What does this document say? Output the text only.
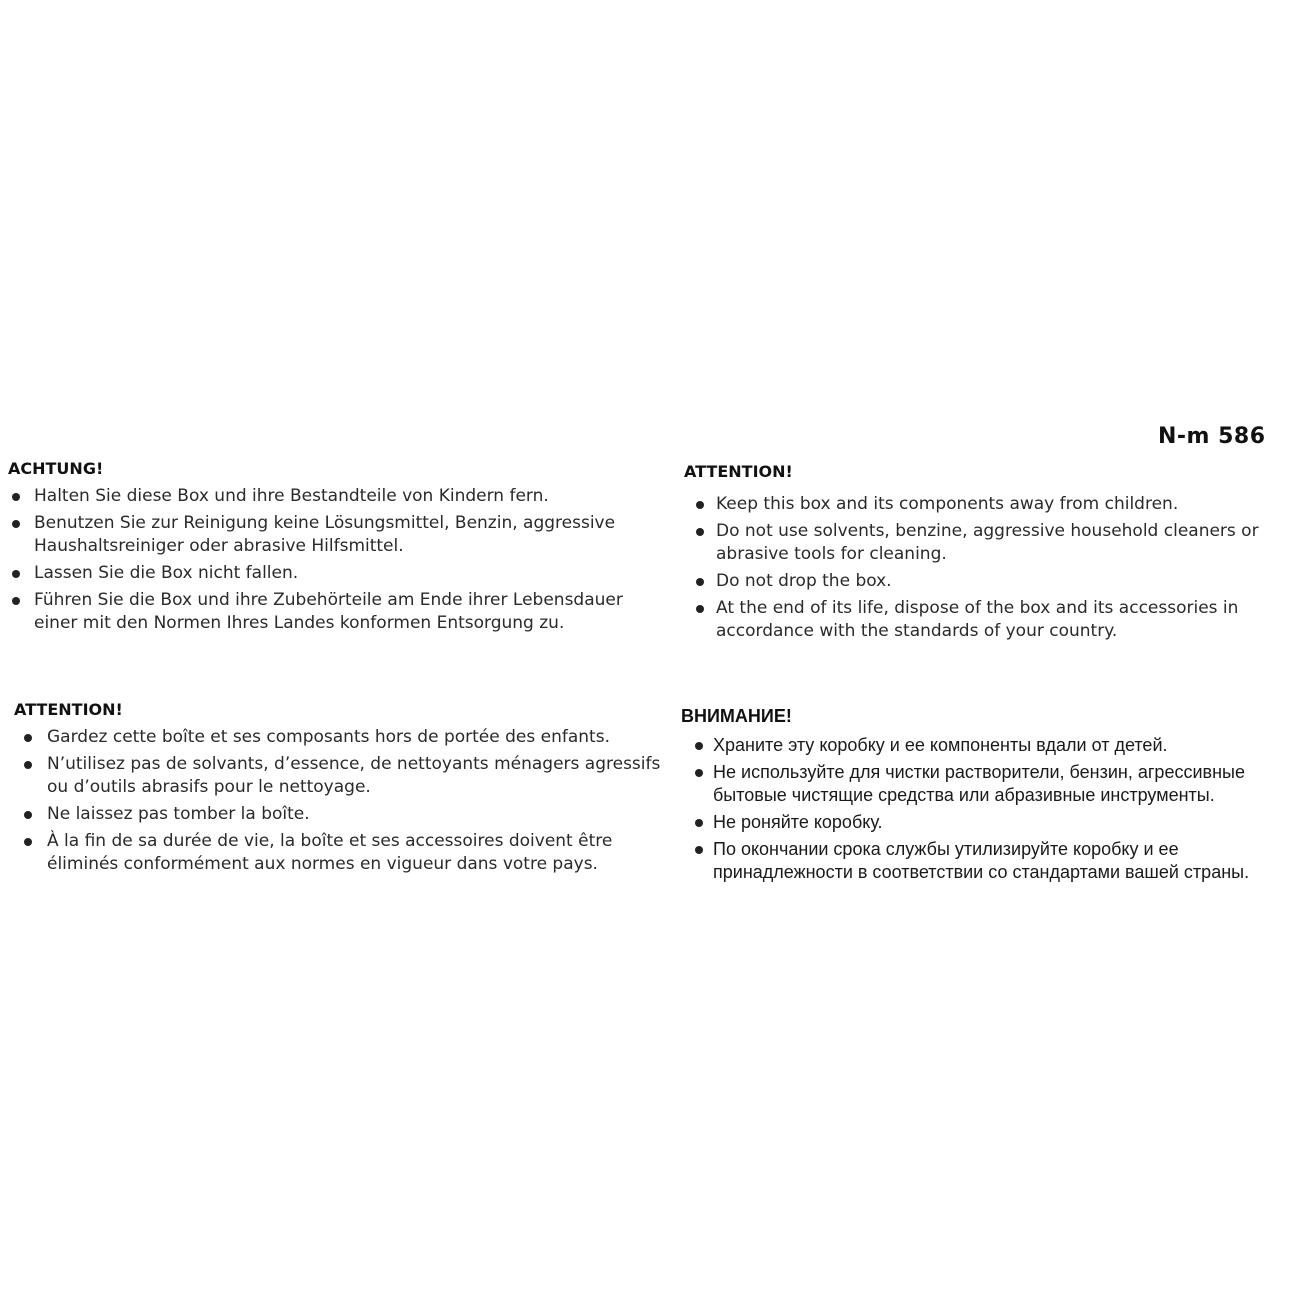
N-m 586
ACHTUNG!
Halten Sie diese Box und ihre Bestandteile von Kindern fern.
Benutzen Sie zur Reinigung keine Lösungsmittel, Benzin, aggressive Haushaltsreiniger oder abrasive Hilfsmittel.
Lassen Sie die Box nicht fallen.
Führen Sie die Box und ihre Zubehörteile am Ende ihrer Lebensdauer einer mit den Normen Ihres Landes konformen Entsorgung zu.
ATTENTION!
Keep this box and its components away from children.
Do not use solvents, benzine, aggressive household cleaners or abrasive tools for cleaning.
Do not drop the box.
At the end of its life, dispose of the box and its accessories in accordance with the standards of your country.
ATTENTION!
Gardez cette boîte et ses composants hors de portée des enfants.
N’utilisez pas de solvants, d’essence, de nettoyants ménagers agressifs ou d’outils abrasifs pour le nettoyage.
Ne laissez pas tomber la boîte.
À la fin de sa durée de vie, la boîte et ses accessoires doivent être éliminés conformément aux normes en vigueur dans votre pays.
ВНИМАНИЕ!
Храните эту коробку и ее компоненты вдали от детей.
Не используйте для чистки растворители, бензин, агрессивные бытовые чистящие средства или абразивные инструменты.
Не роняйте коробку.
По окончании срока службы утилизируйте коробку и ее принадлежности в соответствии со стандартами вашей страны.
